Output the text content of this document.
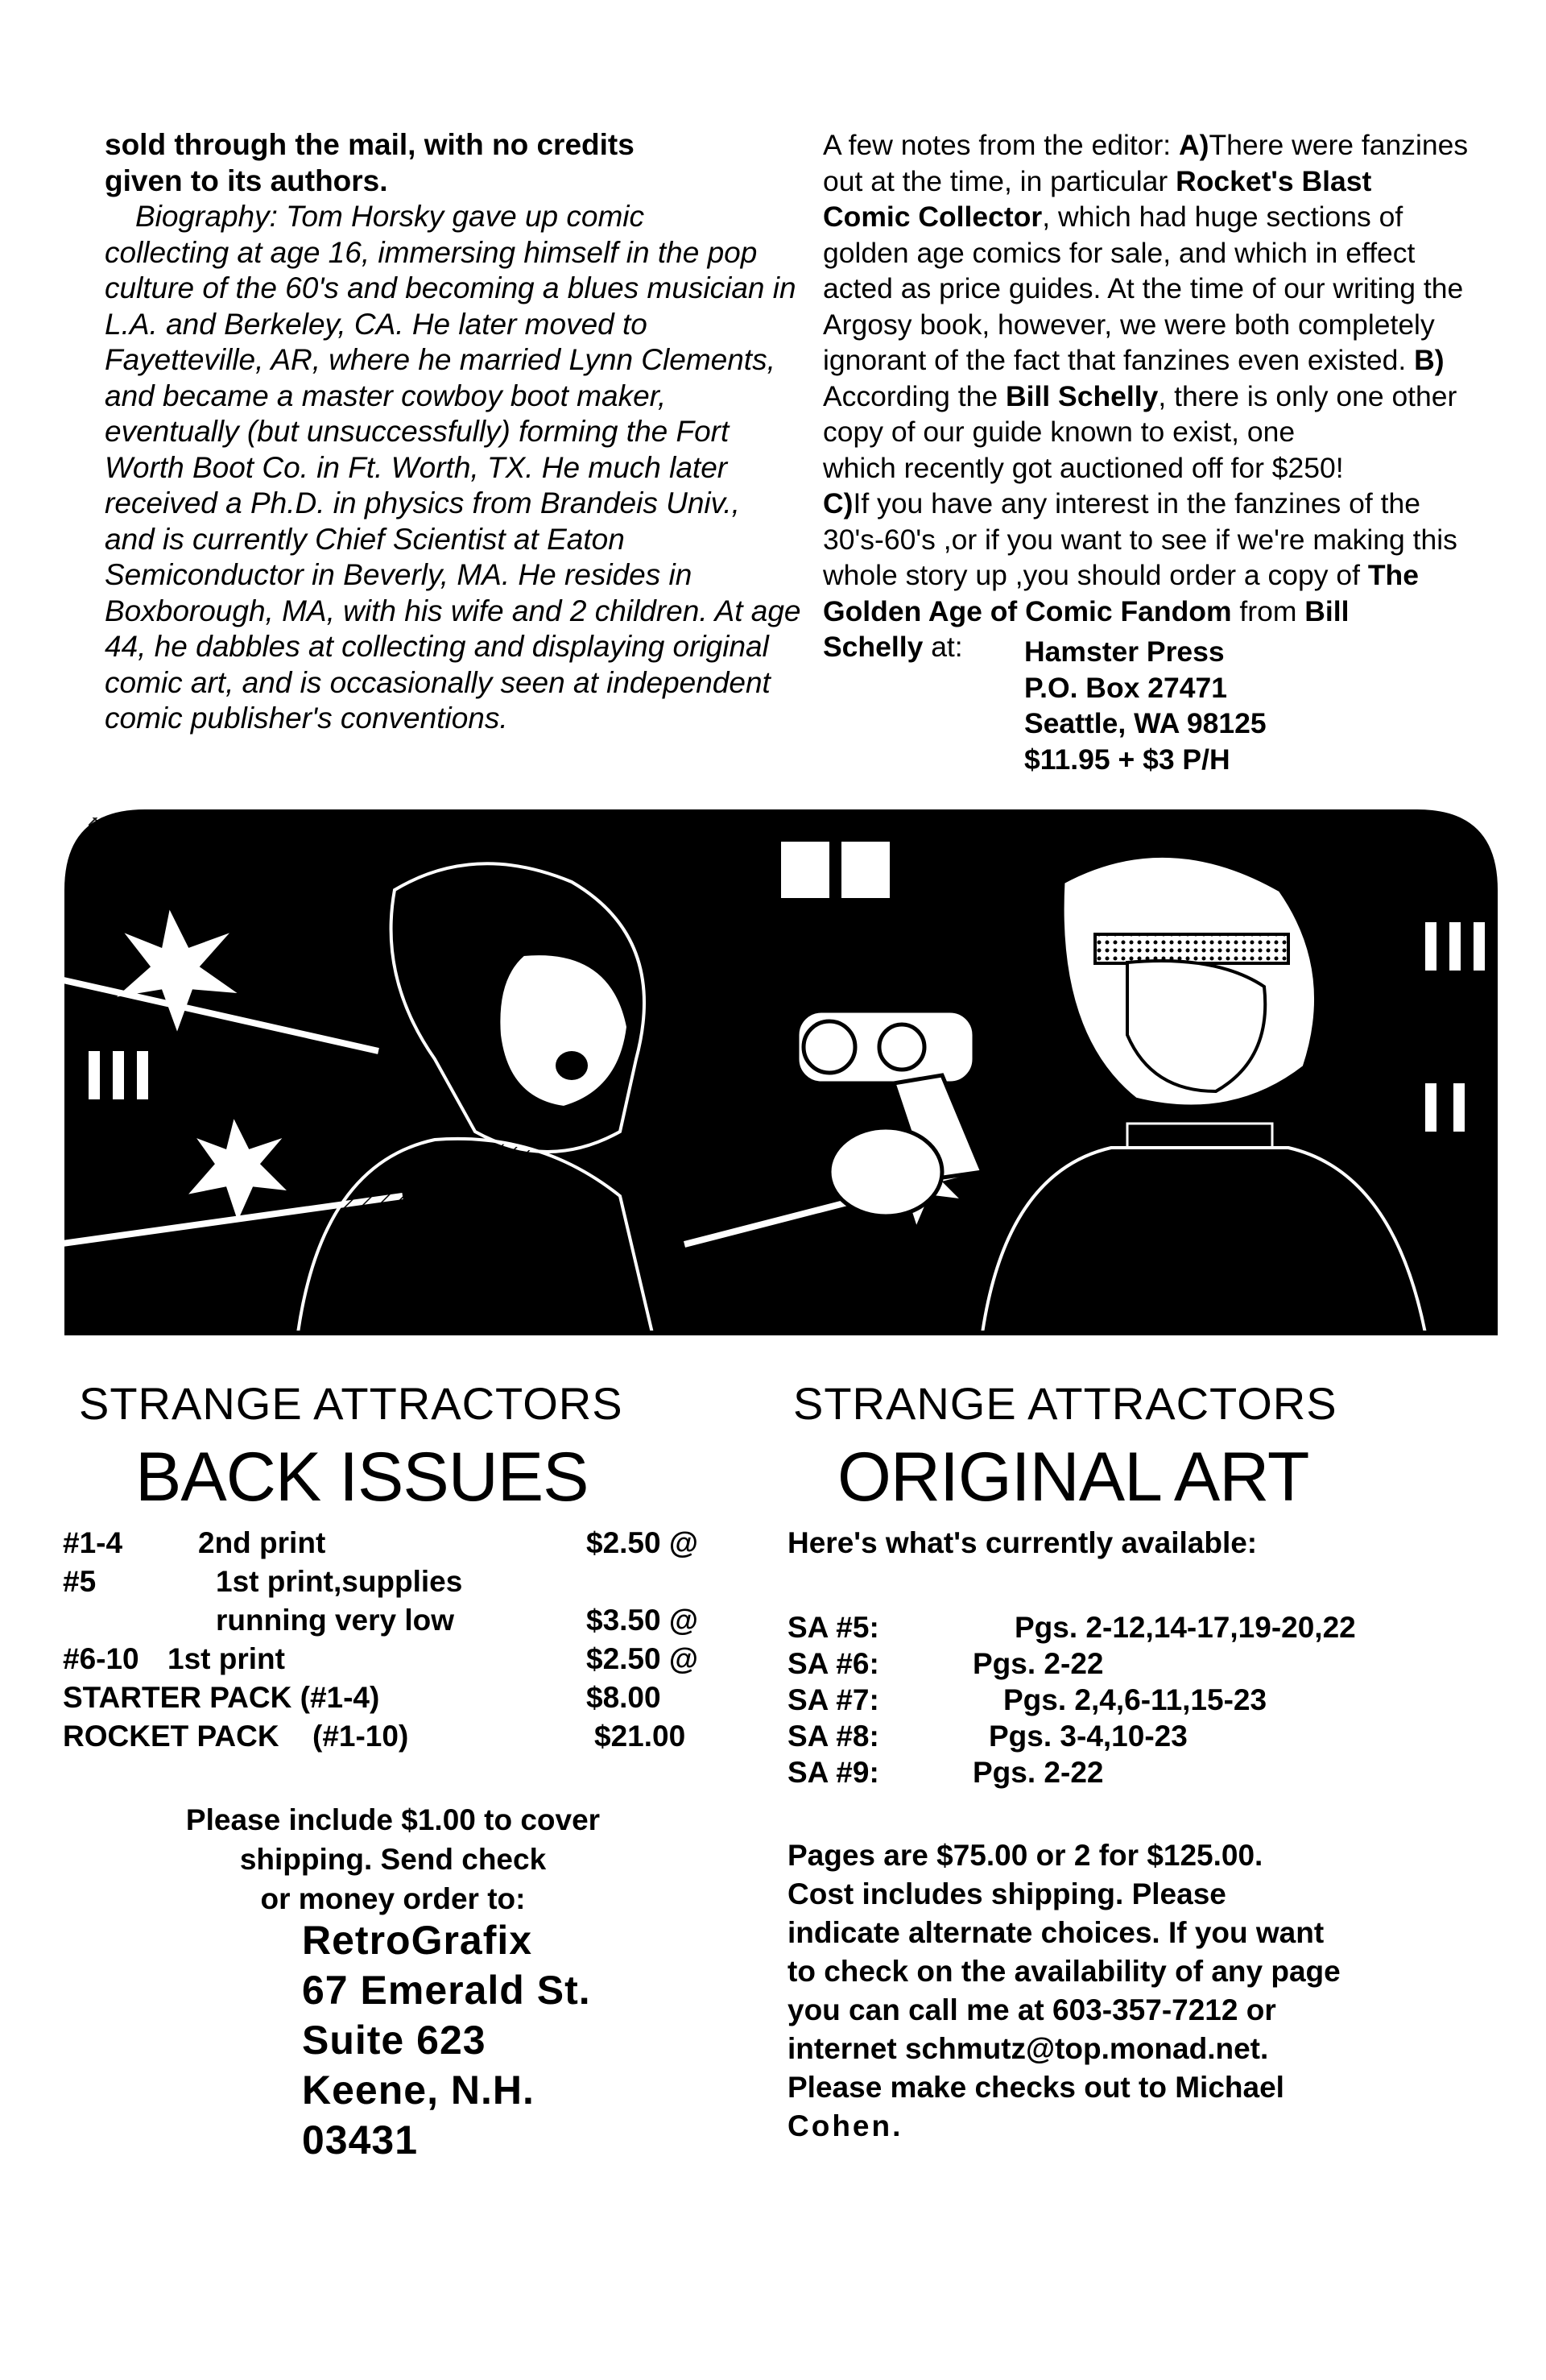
sold through the mail, with no credits
given to its authors.
Biography: Tom Horsky gave up comic
collecting at age 16, immersing himself in the pop
culture of the 60's and becoming a blues musician in
L.A. and Berkeley, CA. He later moved to
Fayetteville, AR, where he married Lynn Clements,
and became a master cowboy boot maker,
eventually (but unsuccessfully) forming the Fort
Worth Boot Co. in Ft. Worth, TX. He much later
received a Ph.D. in physics from Brandeis Univ.,
and is currently Chief Scientist at Eaton
Semiconductor in Beverly, MA. He resides in
Boxborough, MA, with his wife and 2 children. At age
44, he dabbles at collecting and displaying original
comic art, and is occasionally seen at independent
comic publisher's conventions.
A few notes from the editor: A)There were fanzines
out at the time, in particular Rocket's Blast
Comic Collector, which had huge sections of
golden age comics for sale, and which in effect
acted as price guides. At the time of our writing the
Argosy book, however, we were both completely
ignorant of the fact that fanzines even existed. B)
According the Bill Schelly, there is only one other
copy of our guide known to exist, one
which recently got auctioned off for $250!
C)If you have any interest in the fanzines of the
30's-60's ,or if you want to see if we're making this
whole story up ,you should order a copy of The
Golden Age of Comic Fandom from Bill
Schelly at:	Hamster Press
P.O. Box 27471
Seattle, WA 98125
$11.95 + $3 P/H
STRANGE ATTRACTORS
BACK ISSUES
#1-4	2nd print	$2.50 @
#5	1st print,supplies
running very low	$3.50 @
#6-10 1st print	$2.50 @
STARTER PACK (#1-4)	$8.00
ROCKET PACK (#1-10)	$21.00
Please include $1.00 to cover
shipping. Send check
or money order to:
RetroGrafix
67 Emerald St.
Suite 623
Keene, N.H.
03431
STRANGE ATTRACTORS
ORIGINAL ART
Here's what's currently available:
SA #5:	Pgs. 2-12,14-17,19-20,22
SA #6:	Pgs. 2-22
SA #7:	Pgs. 2,4,6-11,15-23
SA #8:	Pgs. 3-4,10-23
SA #9:	Pgs. 2-22
Pages are $75.00 or 2 for $125.00.
Cost includes shipping. Please
indicate alternate choices. If you want
to check on the availability of any page
you can call me at 603-357-7212 or
internet schmutz@top.monad.net.
Please make checks out to Michael
Cohen.
